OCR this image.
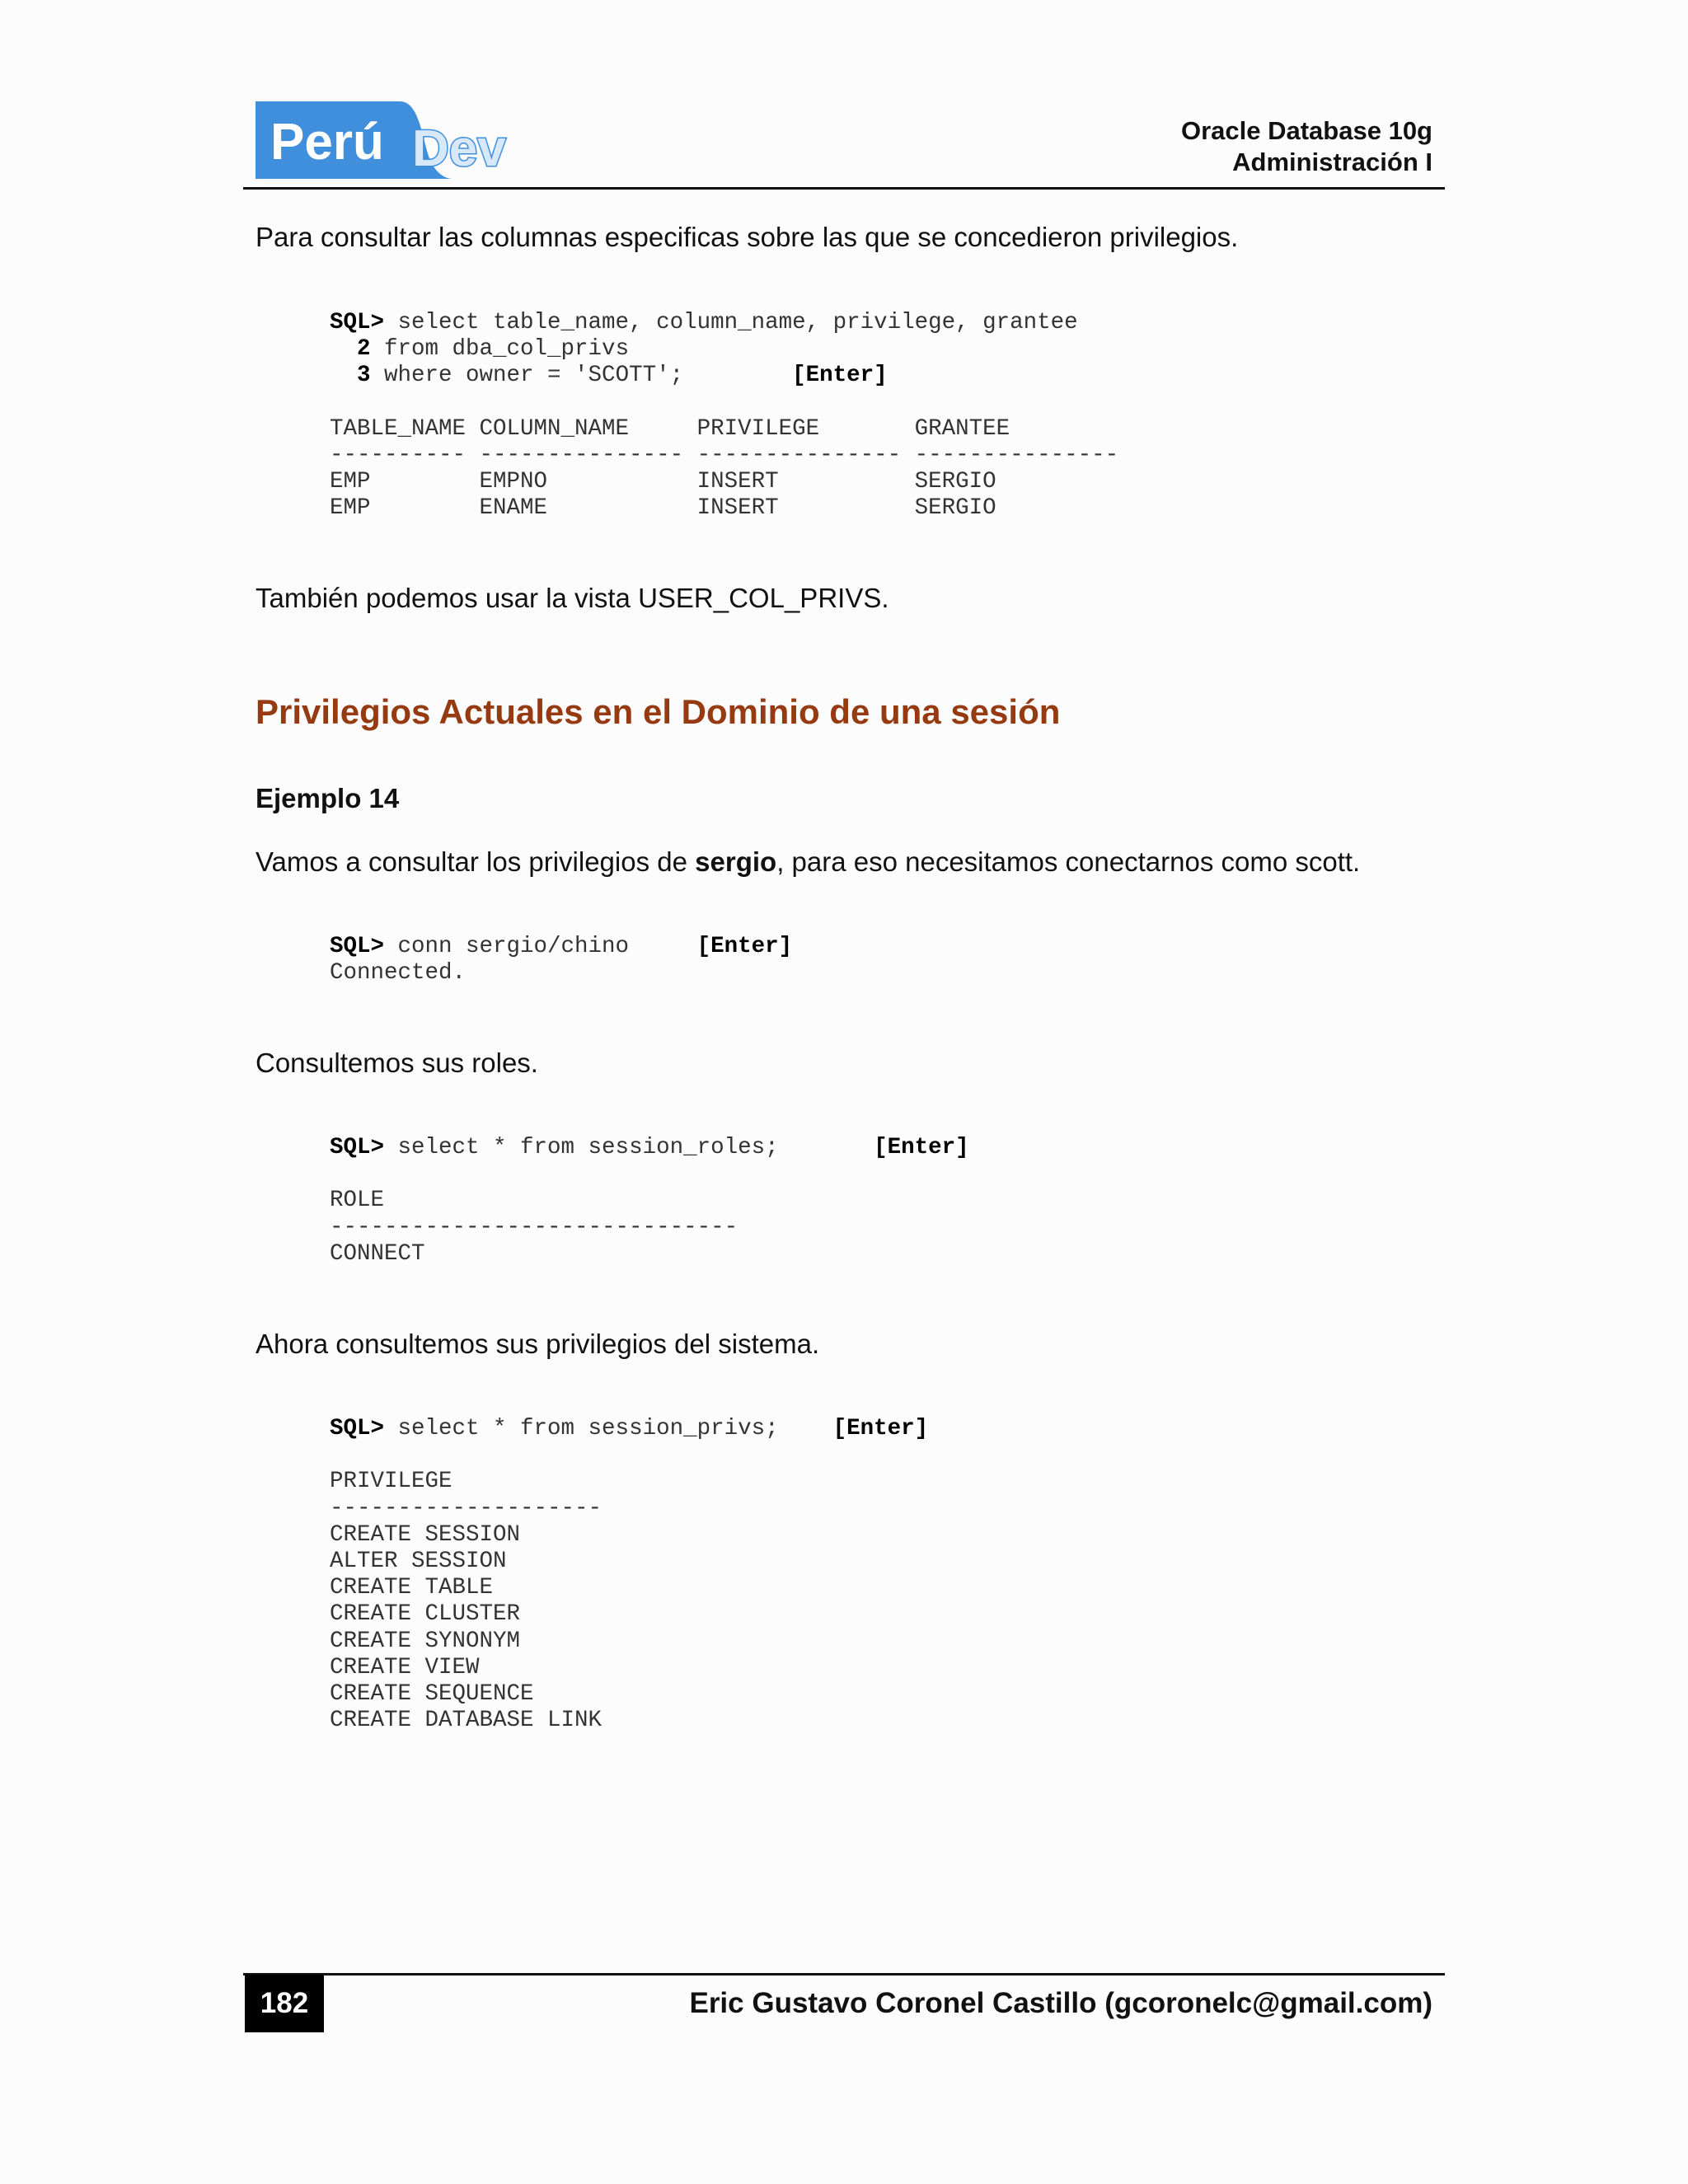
Perú Dev	Oracle Database 10g
Administración I
Para consultar las columnas especificas sobre las que se concedieron privilegios.
SQL> select table_name, column_name, privilege, grantee
2 from dba_col_privs
3 where owner = 'SCOTT';	[Enter]

TABLE_NAME COLUMN_NAME     PRIVILEGE       GRANTEE
---------- --------------- --------------- ---------------
EMP        EMPNO           INSERT          SERGIO
EMP        ENAME           INSERT          SERGIO
También podemos usar la vista USER_COL_PRIVS.
Privilegios Actuales en el Dominio de una sesión
Ejemplo 14
Vamos a consultar los privilegios de sergio, para eso necesitamos conectarnos como scott.
SQL> conn sergio/chino	[Enter]
Connected.
Consultemos sus roles.
SQL> select * from session_roles;	[Enter]

ROLE
------------------------------
CONNECT
Ahora consultemos sus privilegios del sistema.
SQL> select * from session_privs; [Enter]

PRIVILEGE
--------------------
CREATE SESSION
ALTER SESSION
CREATE TABLE
CREATE CLUSTER
CREATE SYNONYM
CREATE VIEW
CREATE SEQUENCE
CREATE DATABASE LINK
182	Eric Gustavo Coronel Castillo (gcoronelc@gmail.com)
